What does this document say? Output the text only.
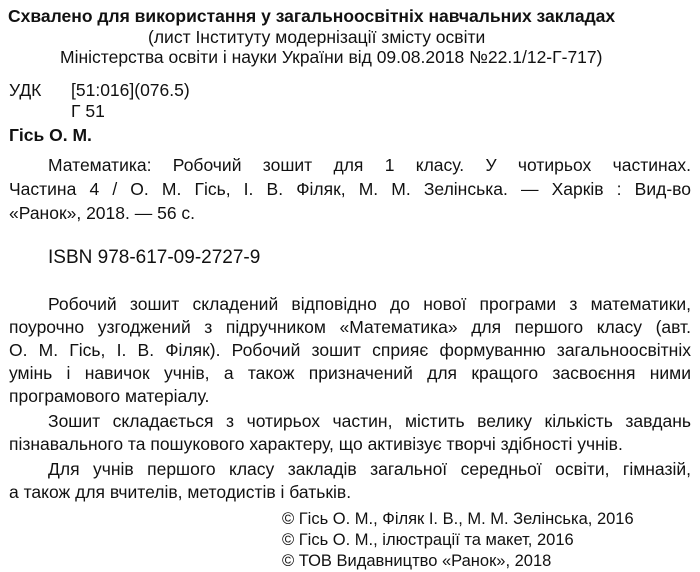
Схвалено для використання у загальноосвітніх навчальних закладах
(лист Інституту модернізації змісту освіти
Міністерства освіти і науки України від 09.08.2018 №22.1/12-Г-717)
УДК [51:016](076.5)
Г 51
Гісь О. М.
Математика: Робочий зошит для 1 класу. У чотирьох частинах.
Частина 4 / О. М. Гісь, І. В. Філяк, М. М. Зелінська. — Харків : Вид-во
«Ранок», 2018. — 56 с.
ISBN 978-617-09-2727-9
Робочий зошит складений відповідно до нової програми з математики,
поурочно узгоджений з підручником «Математика» для першого класу (авт.
О. М. Гісь, І. В. Філяк). Робочий зошит сприяє формуванню загальноосвітніх
умінь і навичок учнів, а також призначений для кращого засвоєння ними
програмового матеріалу.
Зошит складається з чотирьох частин, містить велику кількість завдань
пізнавального та пошукового характеру, що активізує творчі здібності учнів.
Для учнів першого класу закладів загальної середньої освіти, гімназій,
а також для вчителів, методистів і батьків.
© Гісь О. М., Філяк І. В., М. М. Зелінська, 2016
© Гісь О. М., ілюстрації та макет, 2016
© ТОВ Видавництво «Ранок», 2018
